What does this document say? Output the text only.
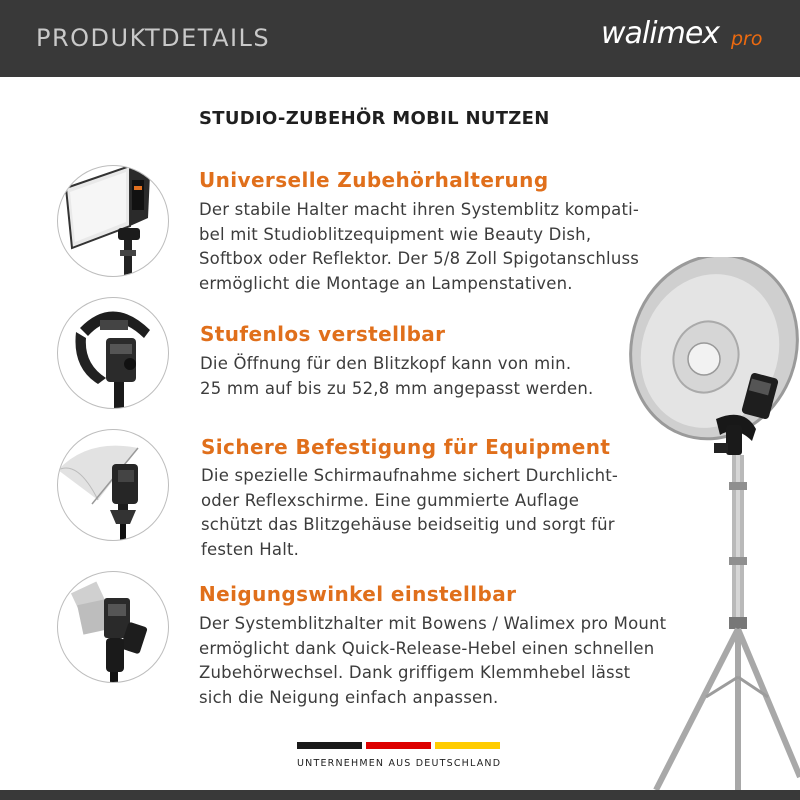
PRODUKTDETAILS	walimex pro
STUDIO-ZUBEHÖR MOBIL NUTZEN
Universelle Zubehörhalterung
Der stabile Halter macht ihren Systemblitz kompati-
bel mit Studioblitzequipment wie Beauty Dish,
Softbox oder Reflektor. Der 5/8 Zoll Spigotanschluss
ermöglicht die Montage an Lampenstativen.
Stufenlos verstellbar
Die Öffnung für den Blitzkopf kann von min.
25 mm auf bis zu 52,8 mm angepasst werden.
Sichere Befestigung für Equipment
Die spezielle Schirmaufnahme sichert Durchlicht-
oder Reflexschirme. Eine gummierte Auflage
schützt das Blitzgehäuse beidseitig und sorgt für
festen Halt.
Neigungswinkel einstellbar
Der Systemblitzhalter mit Bowens / Walimex pro Mount
ermöglicht dank Quick-Release-Hebel einen schnellen
Zubehörwechsel. Dank griffigem Klemmhebel lässt
sich die Neigung einfach anpassen.
UNTERNEHMEN AUS DEUTSCHLAND
